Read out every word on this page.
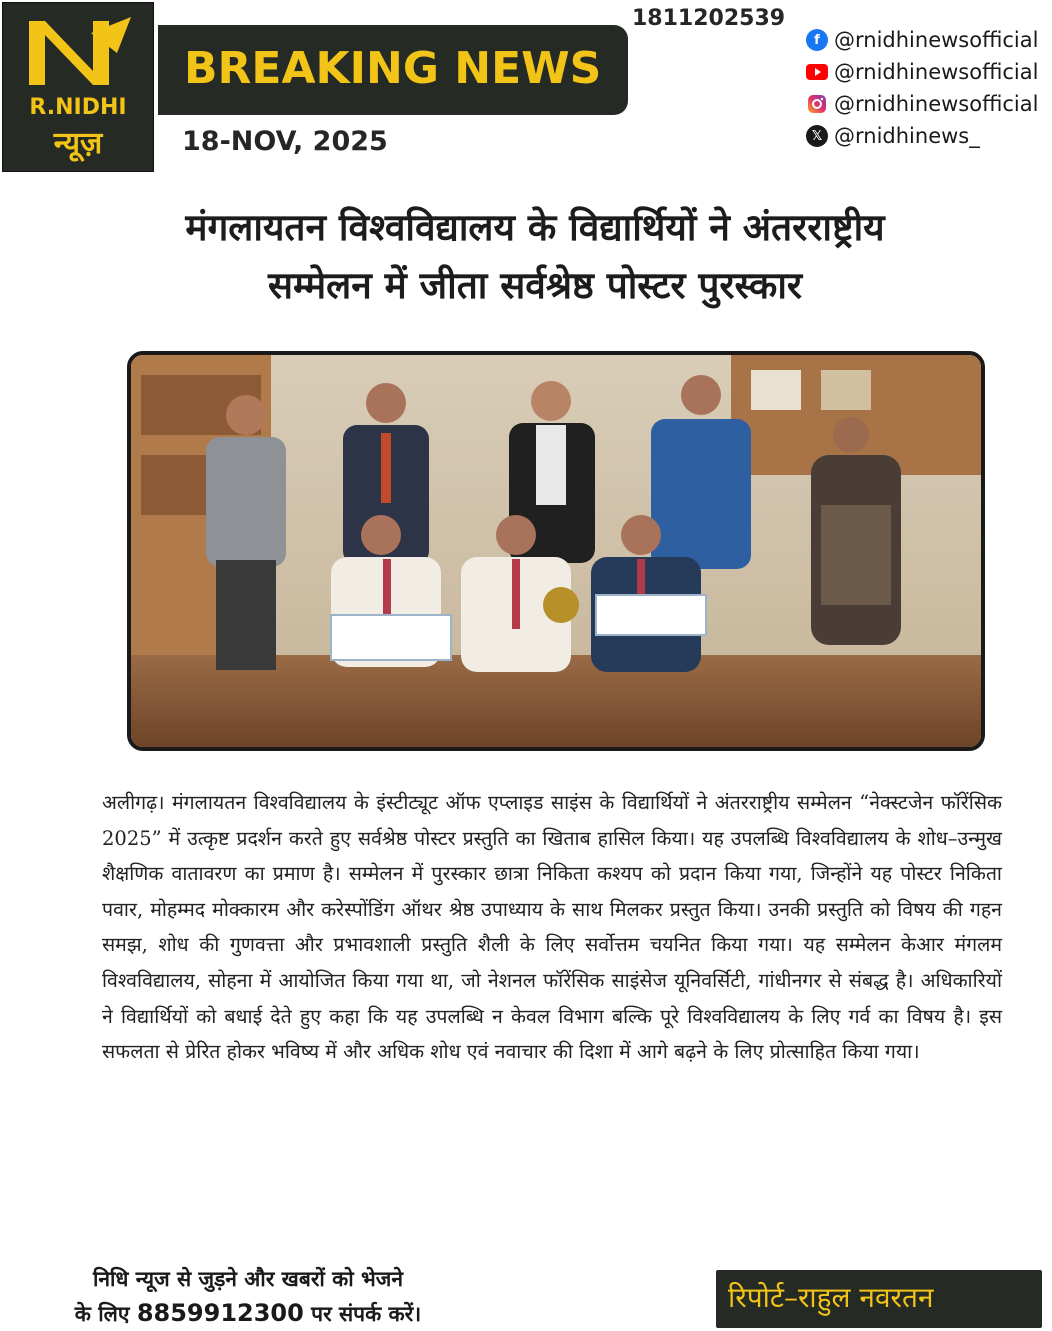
R.NIDHI
न्यूज़
BREAKING NEWS
18-NOV, 2025
1811202539
f @rnidhinewsofficial
@rnidhinewsofficial
@rnidhinewsofficial
𝕏 @rnidhinews_
मंगलायतन विश्वविद्यालय के विद्यार्थियों ने अंतरराष्ट्रीय
सम्मेलन में जीता सर्वश्रेष्ठ पोस्टर पुरस्कार
अलीगढ़। मंगलायतन विश्वविद्यालय के इंस्टीट्यूट ऑफ एप्लाइड साइंस के विद्यार्थियों ने अंतरराष्ट्रीय सम्मेलन “नेक्स्टजेन फॉरेंसिक 2025” में उत्कृष्ट प्रदर्शन करते हुए सर्वश्रेष्ठ पोस्टर प्रस्तुति का खिताब हासिल किया। यह उपलब्धि विश्वविद्यालय के शोध–उन्मुख शैक्षणिक वातावरण का प्रमाण है। सम्मेलन में पुरस्कार छात्रा निकिता कश्यप को प्रदान किया गया, जिन्होंने यह पोस्टर निकिता पवार, मोहम्मद मोक्कारम और करेस्पोंडिंग ऑथर श्रेष्ठ उपाध्याय के साथ मिलकर प्रस्तुत किया। उनकी प्रस्तुति को विषय की गहन समझ, शोध की गुणवत्ता और प्रभावशाली प्रस्तुति शैली के लिए सर्वोत्तम चयनित किया गया। यह सम्मेलन केआर मंगलम विश्वविद्यालय, सोहना में आयोजित किया गया था, जो नेशनल फॉरेंसिक साइंसेज यूनिवर्सिटी, गांधीनगर से संबद्ध है। अधिकारियों ने विद्यार्थियों को बधाई देते हुए कहा कि यह उपलब्धि न केवल विभाग बल्कि पूरे विश्वविद्यालय के लिए गर्व का विषय है। इस सफलता से प्रेरित होकर भविष्य में और अधिक शोध एवं नवाचार की दिशा में आगे बढ़ने के लिए प्रोत्साहित किया गया।
निधि न्यूज से जुड़ने और खबरों को भेजने
के लिए 8859912300 पर संपर्क करें।	रिपोर्ट–राहुल नवरतन
